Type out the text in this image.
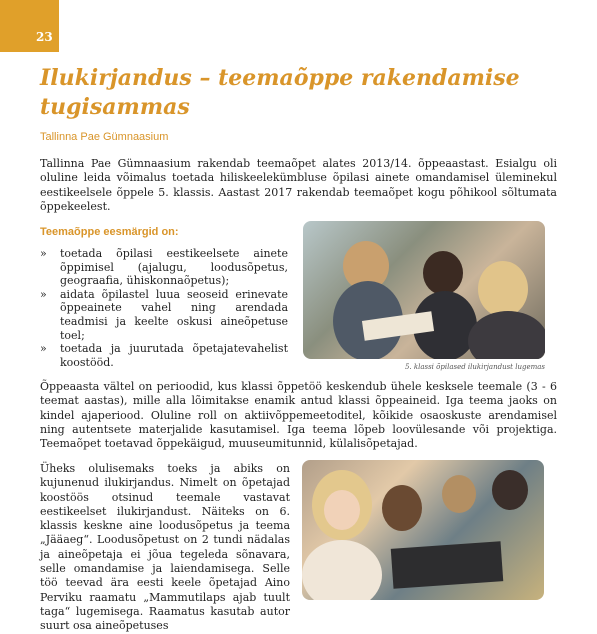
23
Ilukirjandus – teemaõppe rakendamise tugisammas
Tallinna Pae Gümnaasium

Tallinna Pae Gümnaasium rakendab teemaõpet alates 2013/14. õppeaastast. Esialgu oli oluline leida võimalus toetada hiliskeelekümbluse õpilasi ainete omandamisel üleminekul eestikeelsele õppele 5. klassis. Aastast 2017 rakendab teemaõpet kogu põhikool sõltumata õppekeelest.

Teemaõppe eesmärgid on:
» toetada õpilasi eestikeelsete ainete õppimisel (ajalugu, loodusõpetus, geograafia, ühiskonnaõpetus);
» aidata õpilastel luua seoseid erinevate õppeainete vahel ning arendada teadmisi ja keelte oskusi aineõpetuse toel;
» toetada ja juurutada õpetajatevahelist koostööd.	5. klassi õpilased ilukirjandust lugemas

Õppeaasta vältel on perioodid, kus klassi õppetöö keskendub ühele kesksele teemale (3 - 6 teemat aastas), mille alla lõimitakse enamik antud klassi õppeaineid. Iga teema jaoks on kindel ajaperiood. Oluline roll on aktiivõppemeetoditel, kõikide osaoskuste arendamisel ning autentsete materjalide kasutamisel. Iga teema lõpeb loovülesande või projektiga. Teemaõpet toetavad õppekäigud, muuseumitunnid, külalisõpetajad.

Üheks olulisemaks toeks ja abiks on kujunenud ilukirjandus. Nimelt on õpetajad koostöös otsinud teemale vastavat eestikeelset ilukirjandust. Näiteks on 6. klassis keskne aine loodusõpetus ja teema „Jääaeg“. Loodusõpetust on 2 tundi nädalas ja aineõpetaja ei jõua tegeleda sõnavara, selle omandamise ja laiendamisega. Selle töö teevad ära eesti keele õpetajad Aino Perviku raamatu „Mammutilaps ajab tuult taga“ lugemisega. Raamatus kasutab autor suurt osa aineõpetuses
